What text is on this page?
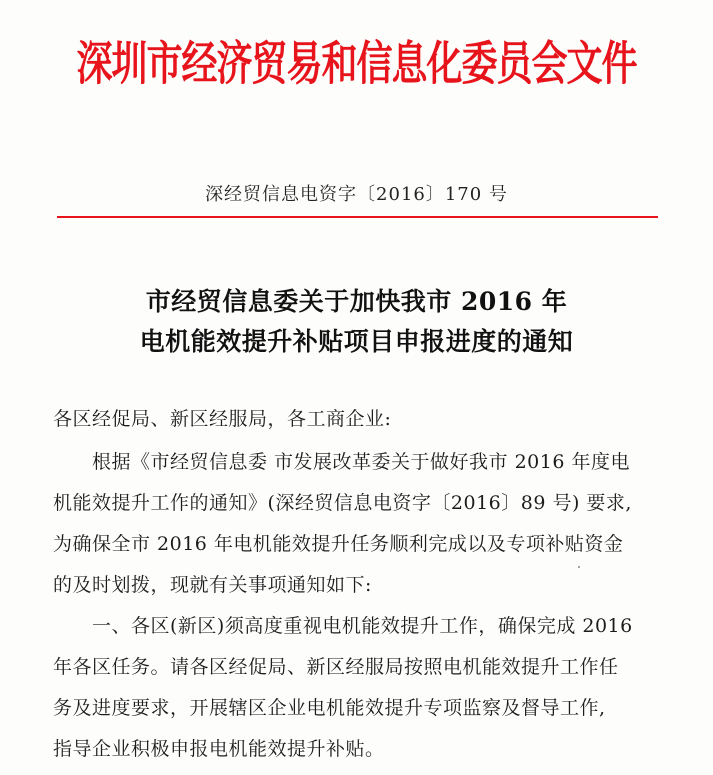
深圳市经济贸易和信息化委员会文件
深经贸信息电资字〔2016〕170 号
市经贸信息委关于加快我市 2016 年
电机能效提升补贴项目申报进度的通知
各区经促局、新区经服局，各工商企业:
　　根据《市经贸信息委 市发展改革委关于做好我市 2016 年度电
机能效提升工作的通知》(深经贸信息电资字〔2016〕89 号) 要求,
为确保全市 2016 年电机能效提升任务顺利完成以及专项补贴资金
的及时划拨，现就有关事项通知如下:
　　一、各区(新区)须高度重视电机能效提升工作，确保完成 2016
年各区任务。请各区经促局、新区经服局按照电机能效提升工作任
务及进度要求，开展辖区企业电机能效提升专项监察及督导工作,
指导企业积极申报电机能效提升补贴。
